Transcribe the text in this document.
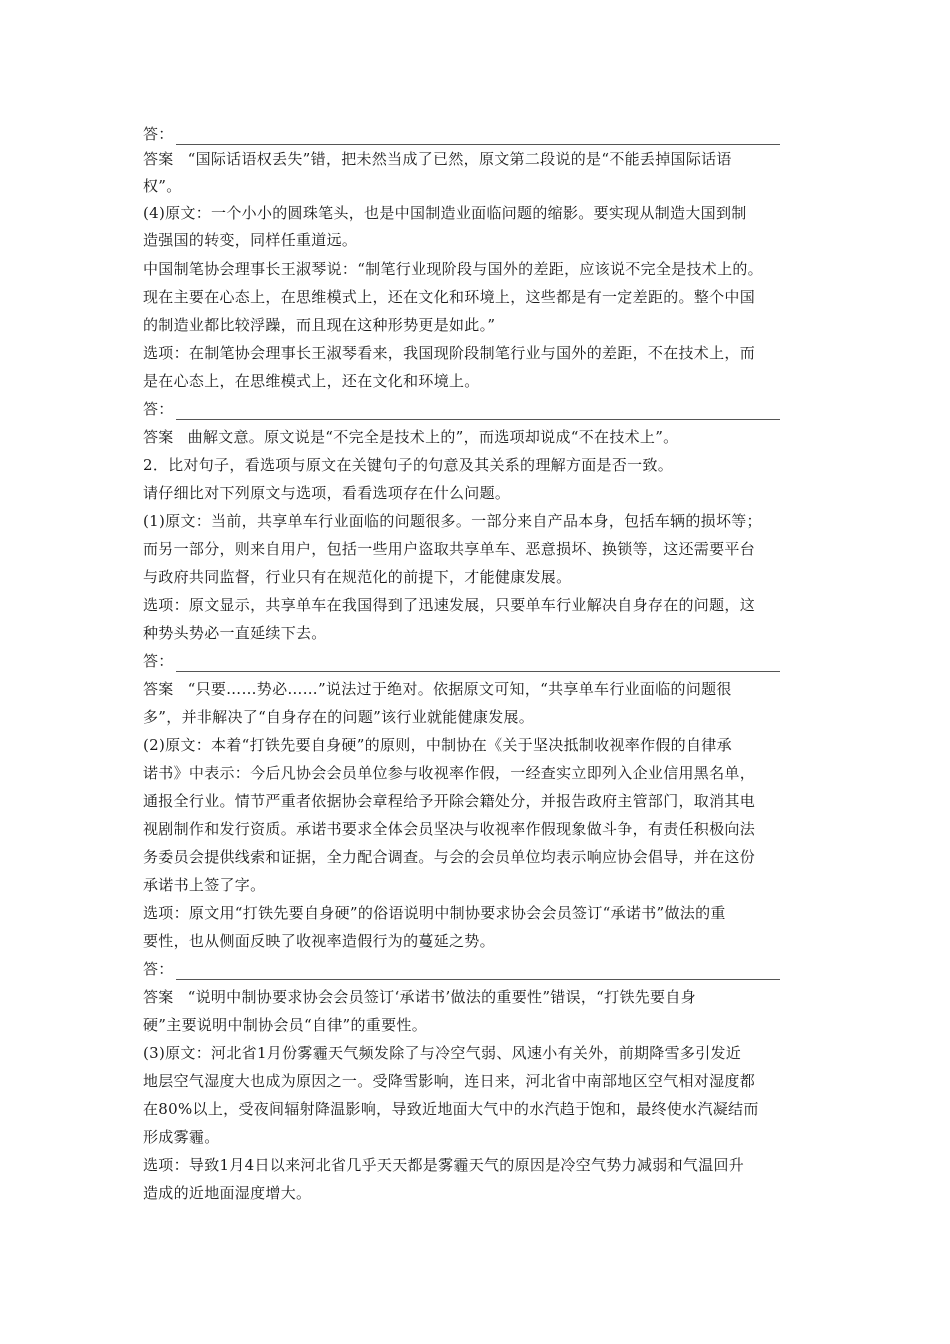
答：
答案 “国际话语权丢失”错，把未然当成了已然，原文第二段说的是“不能丢掉国际话语
权”。
(4)原文：一个小小的圆珠笔头，也是中国制造业面临问题的缩影。要实现从制造大国到制
造强国的转变，同样任重道远。
中国制笔协会理事长王淑琴说：“制笔行业现阶段与国外的差距，应该说不完全是技术上的。
现在主要在心态上，在思维模式上，还在文化和环境上，这些都是有一定差距的。整个中国
的制造业都比较浮躁，而且现在这种形势更是如此。”
选项：在制笔协会理事长王淑琴看来，我国现阶段制笔行业与国外的差距，不在技术上，而
是在心态上，在思维模式上，还在文化和环境上。
答：
答案 曲解文意。原文说是“不完全是技术上的”，而选项却说成“不在技术上”。
2．比对句子，看选项与原文在关键句子的句意及其关系的理解方面是否一致。
请仔细比对下列原文与选项，看看选项存在什么问题。
(1)原文：当前，共享单车行业面临的问题很多。一部分来自产品本身，包括车辆的损坏等；
而另一部分，则来自用户，包括一些用户盗取共享单车、恶意损坏、换锁等，这还需要平台
与政府共同监督，行业只有在规范化的前提下，才能健康发展。
选项：原文显示，共享单车在我国得到了迅速发展，只要单车行业解决自身存在的问题，这
种势头势必一直延续下去。
答：
答案 “只要……势必……”说法过于绝对。依据原文可知，“共享单车行业面临的问题很
多”，并非解决了“自身存在的问题”该行业就能健康发展。
(2)原文：本着“打铁先要自身硬”的原则，中制协在《关于坚决抵制收视率作假的自律承
诺书》中表示：今后凡协会会员单位参与收视率作假，一经查实立即列入企业信用黑名单，
通报全行业。情节严重者依据协会章程给予开除会籍处分，并报告政府主管部门，取消其电
视剧制作和发行资质。承诺书要求全体会员坚决与收视率作假现象做斗争，有责任积极向法
务委员会提供线索和证据，全力配合调查。与会的会员单位均表示响应协会倡导，并在这份
承诺书上签了字。
选项：原文用“打铁先要自身硬”的俗语说明中制协要求协会会员签订“承诺书”做法的重
要性，也从侧面反映了收视率造假行为的蔓延之势。
答：
答案 “说明中制协要求协会会员签订‘承诺书’做法的重要性”错误，“打铁先要自身
硬”主要说明中制协会员“自律”的重要性。
(3)原文：河北省1月份雾霾天气频发除了与冷空气弱、风速小有关外，前期降雪多引发近
地层空气湿度大也成为原因之一。受降雪影响，连日来，河北省中南部地区空气相对湿度都
在80%以上，受夜间辐射降温影响，导致近地面大气中的水汽趋于饱和，最终使水汽凝结而
形成雾霾。
选项：导致1月4日以来河北省几乎天天都是雾霾天气的原因是冷空气势力减弱和气温回升
造成的近地面湿度增大。
